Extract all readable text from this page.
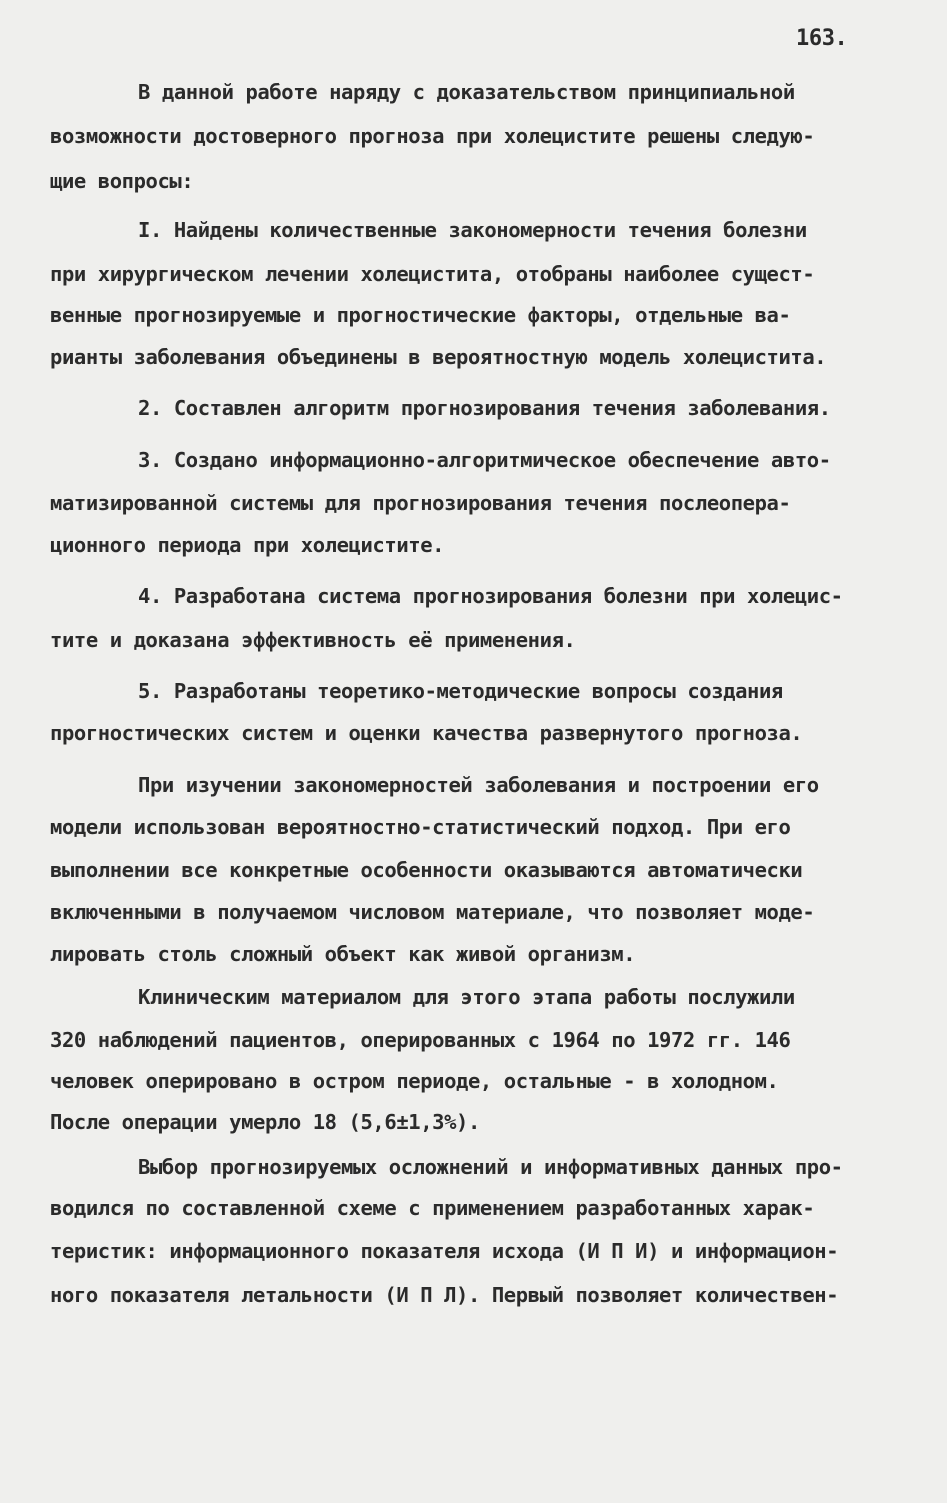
163.
В данной работе наряду с доказательством принципиальной
возможности достоверного прогноза при холецистите решены следую-
щие вопросы:
I. Найдены количественные закономерности течения болезни
при хирургическом лечении холецистита, отобраны наиболее сущест-
венные прогнозируемые и прогностические факторы, отдельные ва-
рианты заболевания объединены в вероятностную модель холецистита.
2. Составлен алгоритм прогнозирования течения заболевания.
3. Создано информационно-алгоритмическое обеспечение авто-
матизированной системы для прогнозирования течения послеопера-
ционного периода при холецистите.
4. Разработана система прогнозирования болезни при холецис-
тите и доказана эффективность её применения.
5. Разработаны теоретико-методические вопросы создания
прогностических систем и оценки качества развернутого прогноза.
При изучении закономерностей заболевания и построении его
модели использован вероятностно-статистический подход. При его
выполнении все конкретные особенности оказываются автоматически
включенными в получаемом числовом материале, что позволяет моде-
лировать столь сложный объект как живой организм.
Клиническим материалом для этого этапа работы послужили
320 наблюдений пациентов, оперированных с 1964 по 1972 гг. 146
человек оперировано в остром периоде, остальные - в холодном.
После операции умерло 18 (5,6±1,3%).
Выбор прогнозируемых осложнений и информативных данных про-
водился по составленной схеме с применением разработанных харак-
теристик: информационного показателя исхода (И П И) и информацион-
ного показателя летальности (И П Л). Первый позволяет количествен-
